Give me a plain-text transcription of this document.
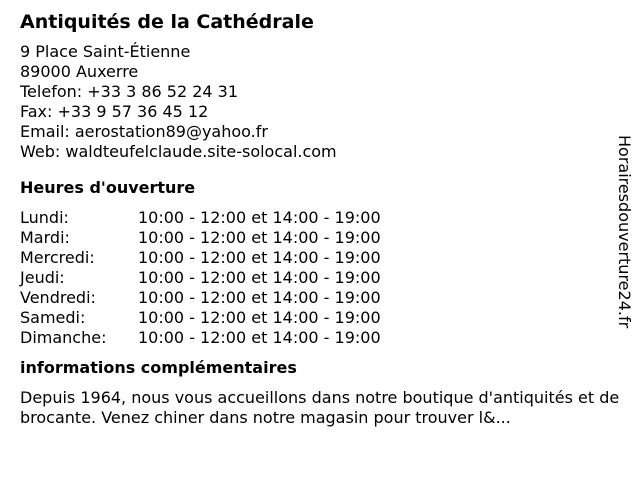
Antiquités de la Cathédrale
9 Place Saint-Étienne
89000 Auxerre
Telefon: +33 3 86 52 24 31
Fax: +33 9 57 36 45 12
Email: aerostation89@yahoo.fr
Web: waldteufelclaude.site-solocal.com
Heures d'ouverture
Lundi:	10:00 - 12:00 et 14:00 - 19:00
Mardi:	10:00 - 12:00 et 14:00 - 19:00
Mercredi:	10:00 - 12:00 et 14:00 - 19:00
Jeudi:	10:00 - 12:00 et 14:00 - 19:00
Vendredi:	10:00 - 12:00 et 14:00 - 19:00
Samedi:	10:00 - 12:00 et 14:00 - 19:00
Dimanche:	10:00 - 12:00 et 14:00 - 19:00
informations complémentaires
Depuis 1964, nous vous accueillons dans notre boutique d'antiquités et de brocante. Venez chiner dans notre magasin pour trouver l&...
Horairesdouverture24.fr
